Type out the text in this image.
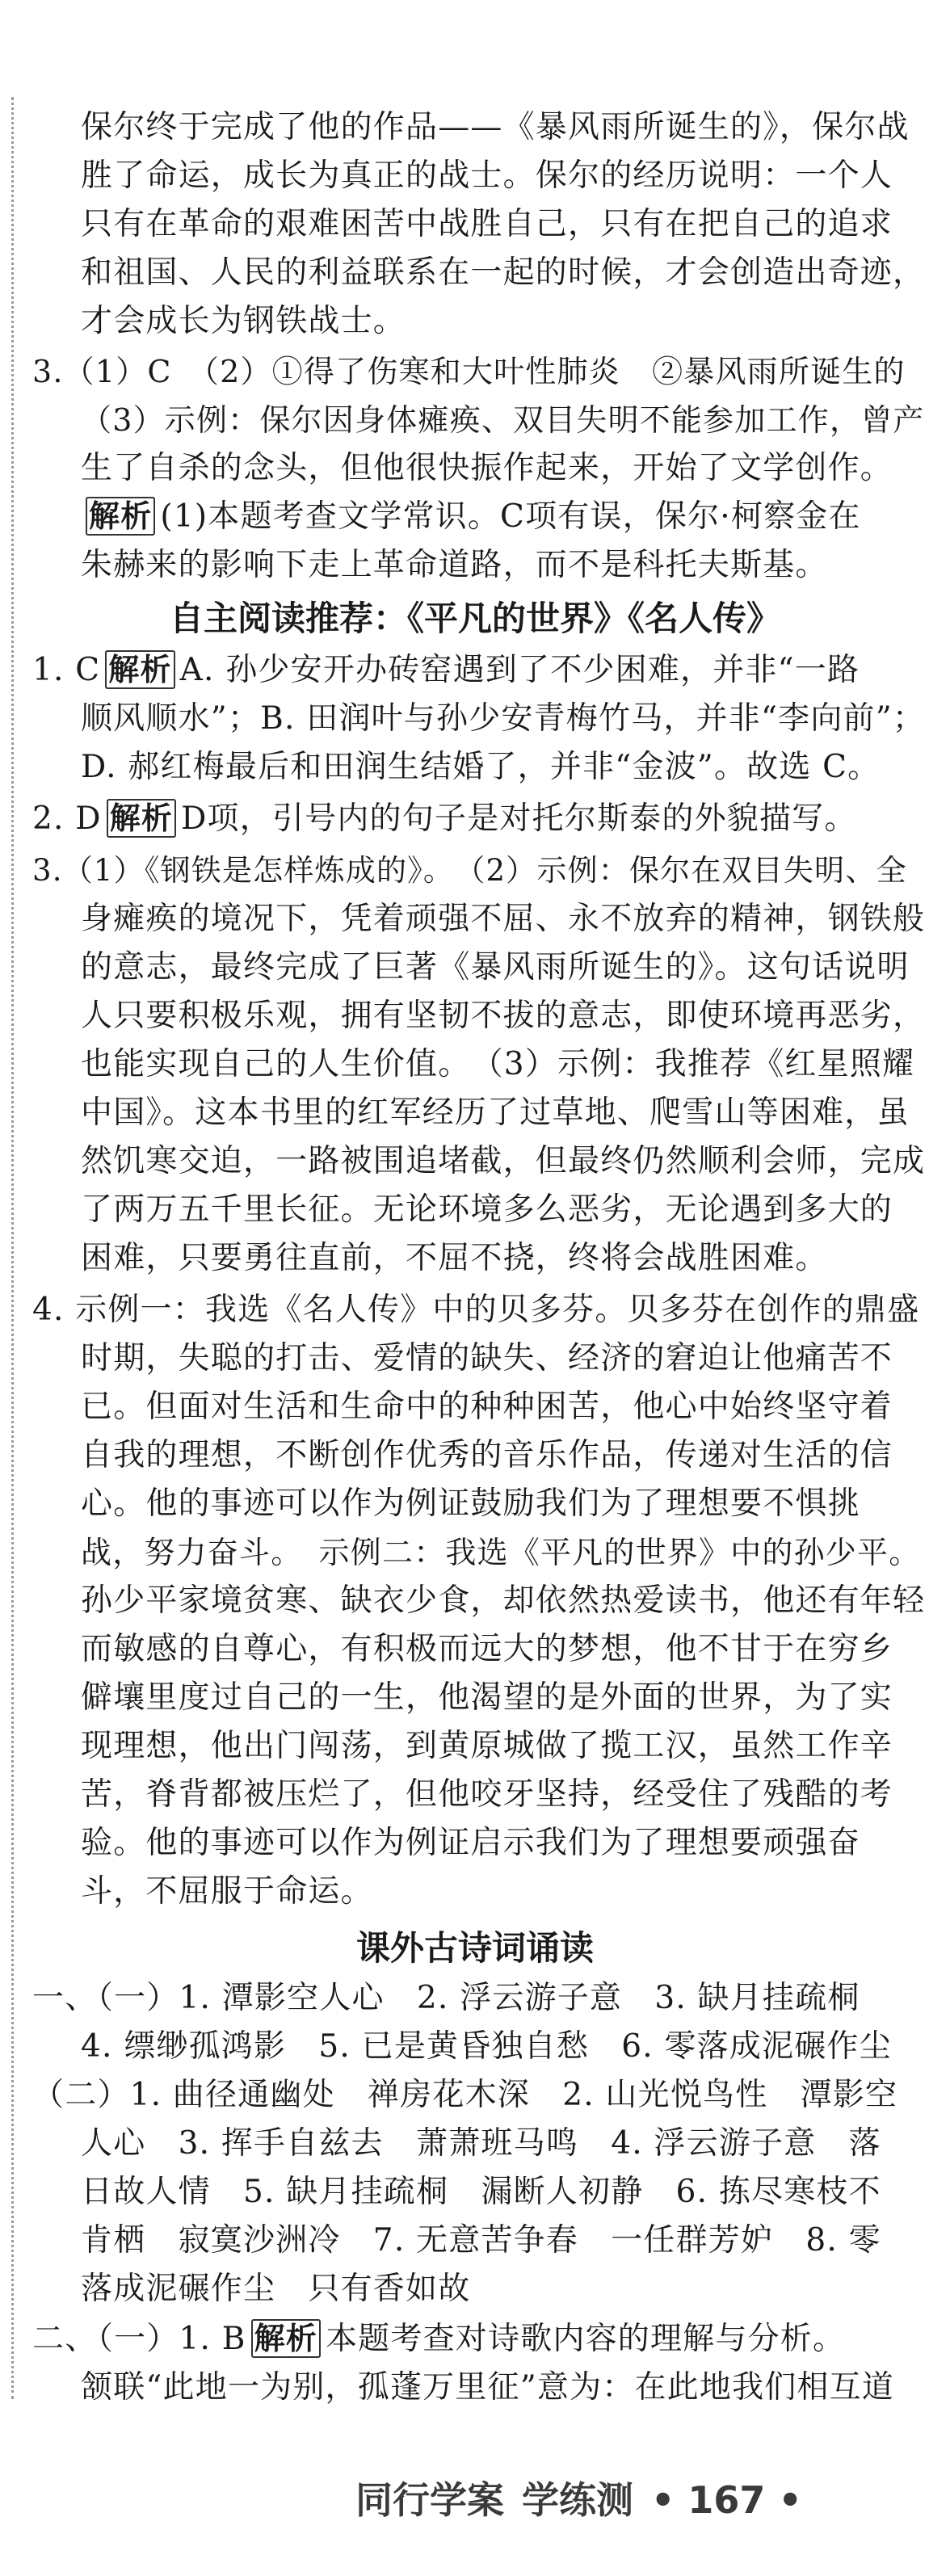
保尔终于完成了他的作品——《暴风雨所诞生的》，保尔战
胜了命运，成长为真正的战士。保尔的经历说明：一个人
只有在革命的艰难困苦中战胜自己，只有在把自己的追求
和祖国、人民的利益联系在一起的时候，才会创造出奇迹，
才会成长为钢铁战士。
3.（1）C　（2）①得了伤寒和大叶性肺炎　②暴风雨所诞生的
（3）示例：保尔因身体瘫痪、双目失明不能参加工作，曾产
生了自杀的念头，但他很快振作起来，开始了文学创作。
解析 (1)本题考查文学常识。C项有误，保尔·柯察金在
朱赫来的影响下走上革命道路，而不是科托夫斯基。
自主阅读推荐：《平凡的世界》《名人传》
1. C 解析 A. 孙少安开办砖窑遇到了不少困难，并非“一路
顺风顺水”；B. 田润叶与孙少安青梅竹马，并非“李向前”；
D. 郝红梅最后和田润生结婚了，并非“金波”。故选 C。
2. D 解析 D项，引号内的句子是对托尔斯泰的外貌描写。
3.（1）《钢铁是怎样炼成的》。　（2）示例：保尔在双目失明、全
身瘫痪的境况下，凭着顽强不屈、永不放弃的精神，钢铁般
的意志，最终完成了巨著《暴风雨所诞生的》。这句话说明
人只要积极乐观，拥有坚韧不拔的意志，即使环境再恶劣，
也能实现自己的人生价值。　（3）示例：我推荐《红星照耀
中国》。这本书里的红军经历了过草地、爬雪山等困难，虽
然饥寒交迫，一路被围追堵截，但最终仍然顺利会师，完成
了两万五千里长征。无论环境多么恶劣，无论遇到多大的
困难，只要勇往直前，不屈不挠，终将会战胜困难。
4. 示例一：我选《名人传》中的贝多芬。贝多芬在创作的鼎盛
时期，失聪的打击、爱情的缺失、经济的窘迫让他痛苦不
已。但面对生活和生命中的种种困苦，他心中始终坚守着
自我的理想，不断创作优秀的音乐作品，传递对生活的信
心。他的事迹可以作为例证鼓励我们为了理想要不惧挑
战，努力奋斗。　示例二：我选《平凡的世界》中的孙少平。
孙少平家境贫寒、缺衣少食，却依然热爱读书，他还有年轻
而敏感的自尊心，有积极而远大的梦想，他不甘于在穷乡
僻壤里度过自己的一生，他渴望的是外面的世界，为了实
现理想，他出门闯荡，到黄原城做了揽工汉，虽然工作辛
苦，脊背都被压烂了，但他咬牙坚持，经受住了残酷的考
验。他的事迹可以作为例证启示我们为了理想要顽强奋
斗，不屈服于命运。
课外古诗词诵读
一、（一）1. 潭影空人心　2. 浮云游子意　3. 缺月挂疏桐
4. 缥缈孤鸿影　5. 已是黄昏独自愁　6. 零落成泥碾作尘
（二）1. 曲径通幽处　禅房花木深　2. 山光悦鸟性　潭影空
人心　3. 挥手自兹去　萧萧班马鸣　4. 浮云游子意　落
日故人情　5. 缺月挂疏桐　漏断人初静　6. 拣尽寒枝不
肯栖　寂寞沙洲冷　7. 无意苦争春　一任群芳妒　8. 零
落成泥碾作尘　只有香如故
二、（一）1. B 解析 本题考查对诗歌内容的理解与分析。
颔联“此地一为别，孤蓬万里征”意为：在此地我们相互道
同行学案 学练测 • 167 •
